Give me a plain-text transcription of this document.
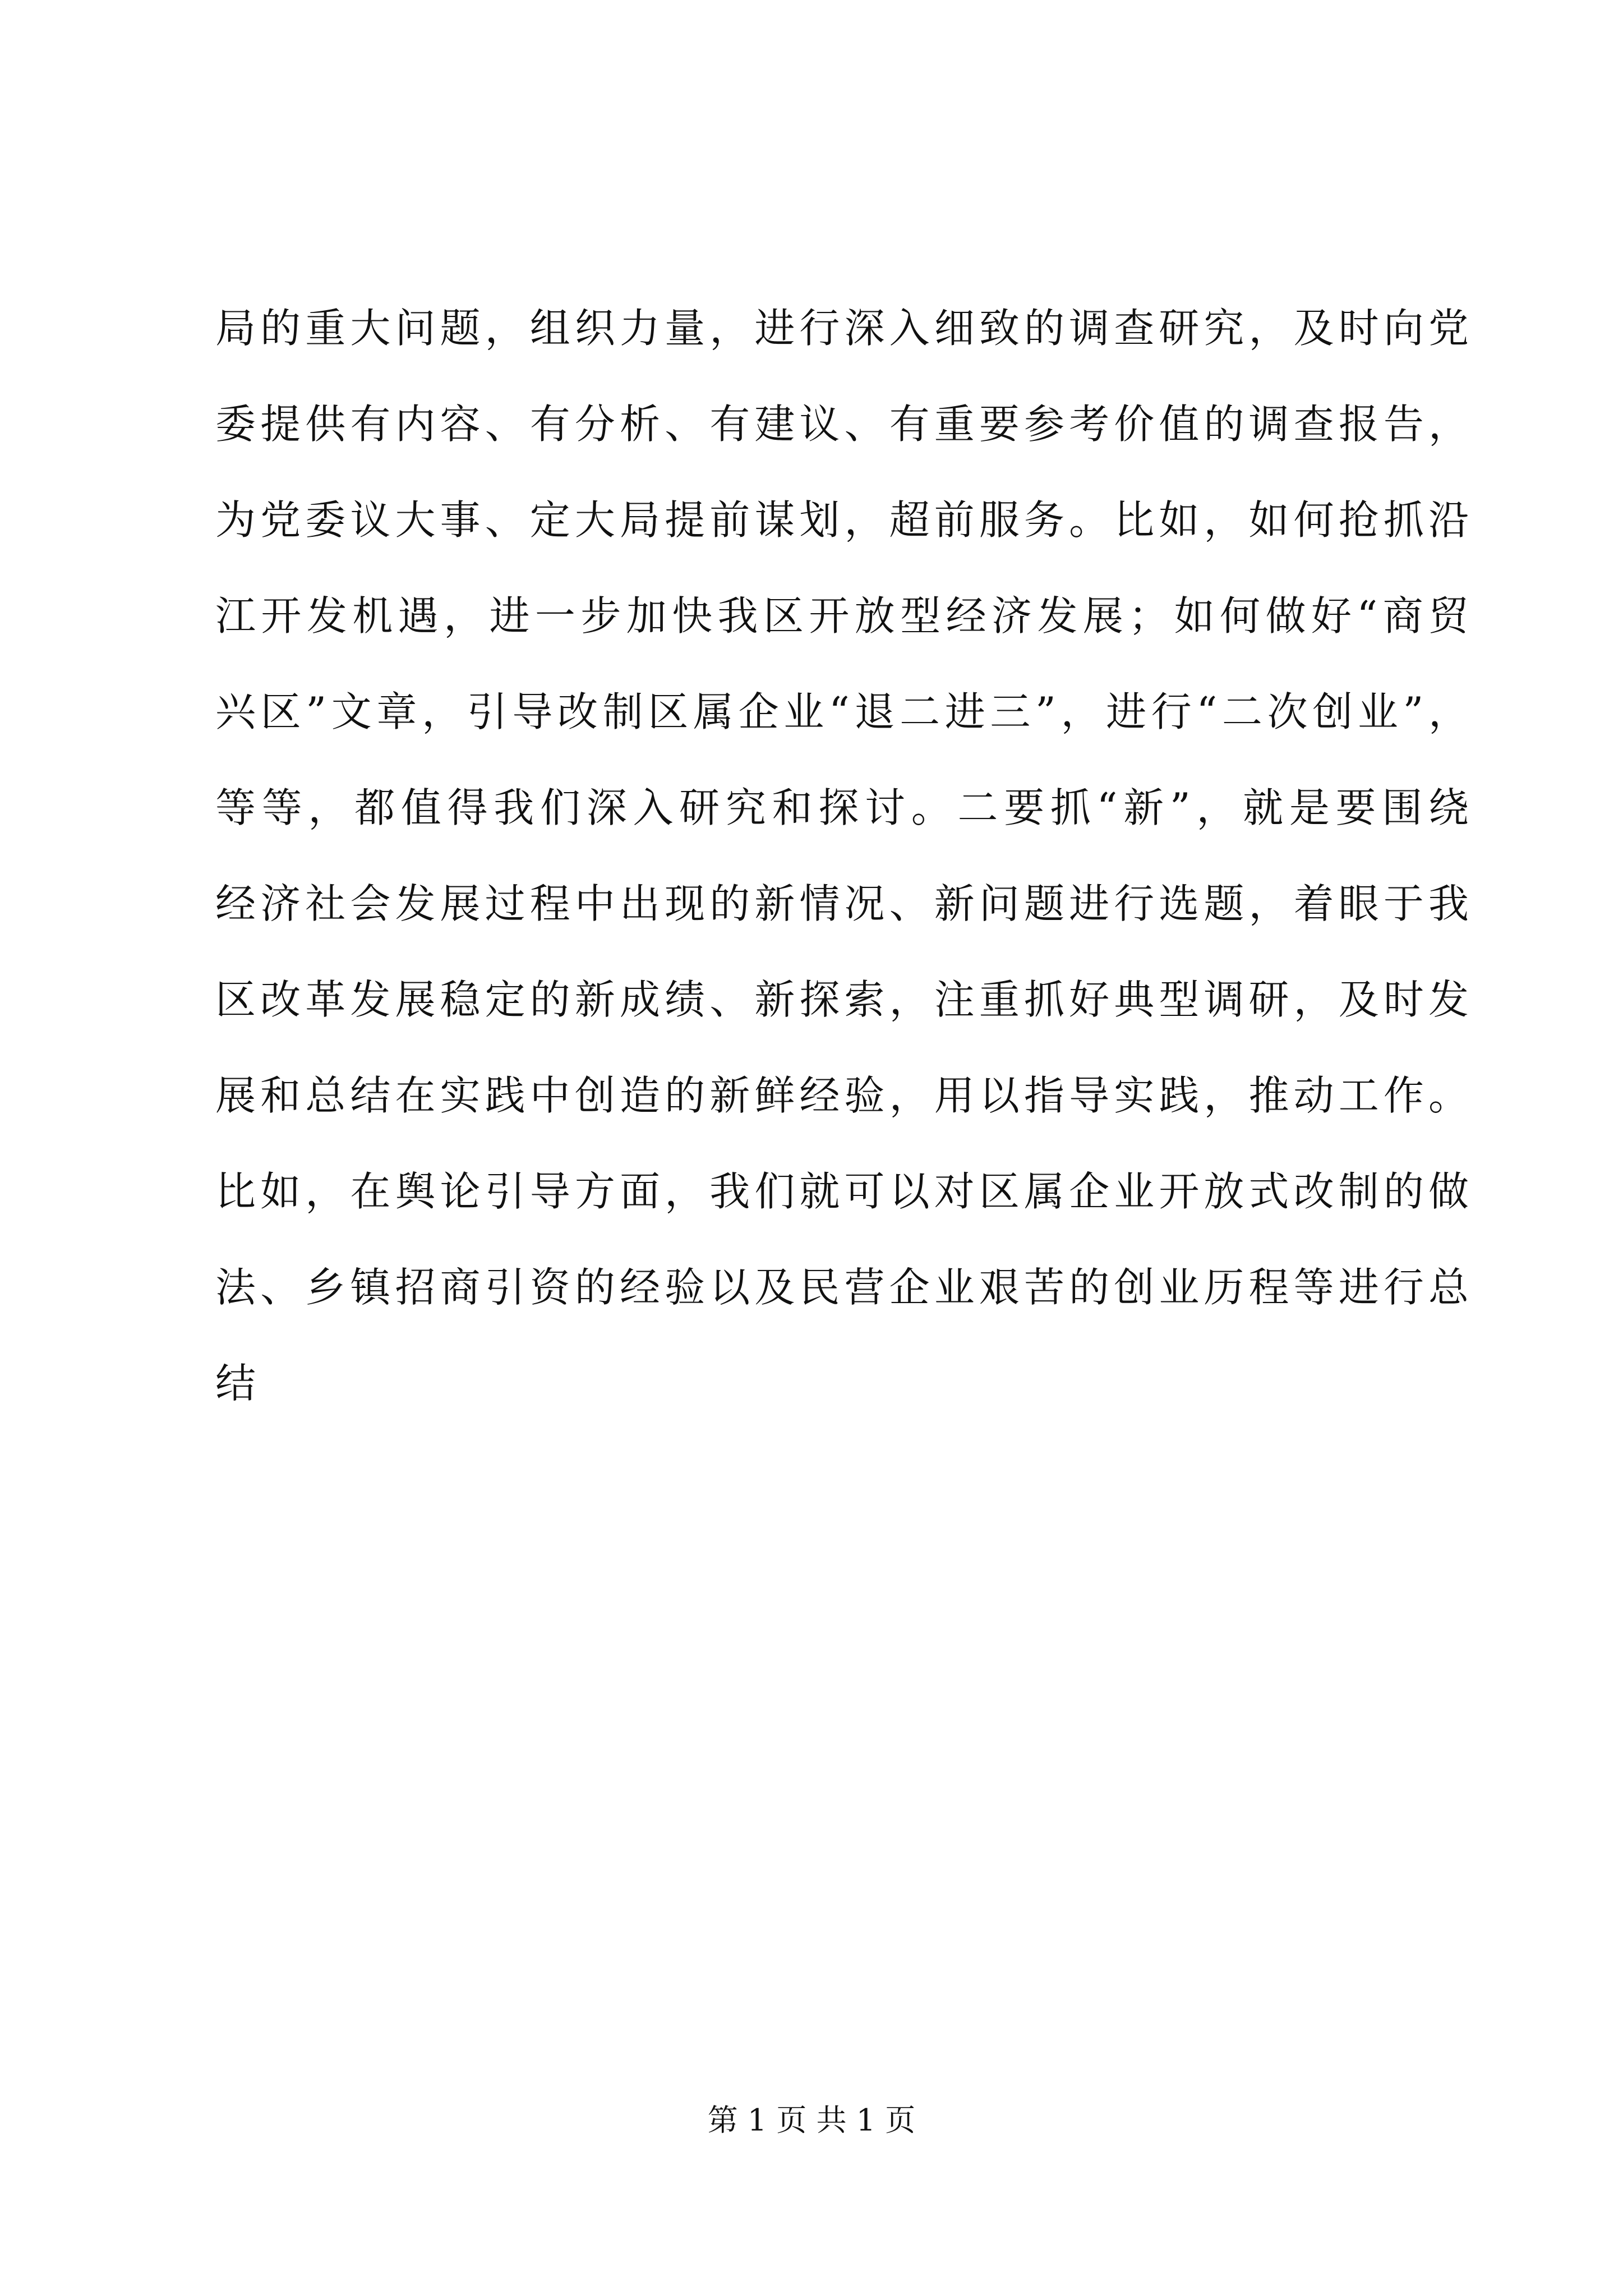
局的重大问题，组织力量，进行深入细致的调查研究，及时向党
委提供有内容、有分析、有建议、有重要参考价值的调查报告，
为党委议大事、定大局提前谋划，超前服务。比如，如何抢抓沿
江开发机遇，进一步加快我区开放型经济发展；如何做好“商贸
兴区”文章，引导改制区属企业“退二进三”，进行“二次创业”，
等等，都值得我们深入研究和探讨。二要抓“新”，就是要围绕
经济社会发展过程中出现的新情况、新问题进行选题，着眼于我
区改革发展稳定的新成绩、新探索，注重抓好典型调研，及时发
展和总结在实践中创造的新鲜经验，用以指导实践，推动工作。
比如，在舆论引导方面，我们就可以对区属企业开放式改制的做
法、乡镇招商引资的经验以及民营企业艰苦的创业历程等进行总
结
第 1 页 共 1 页
